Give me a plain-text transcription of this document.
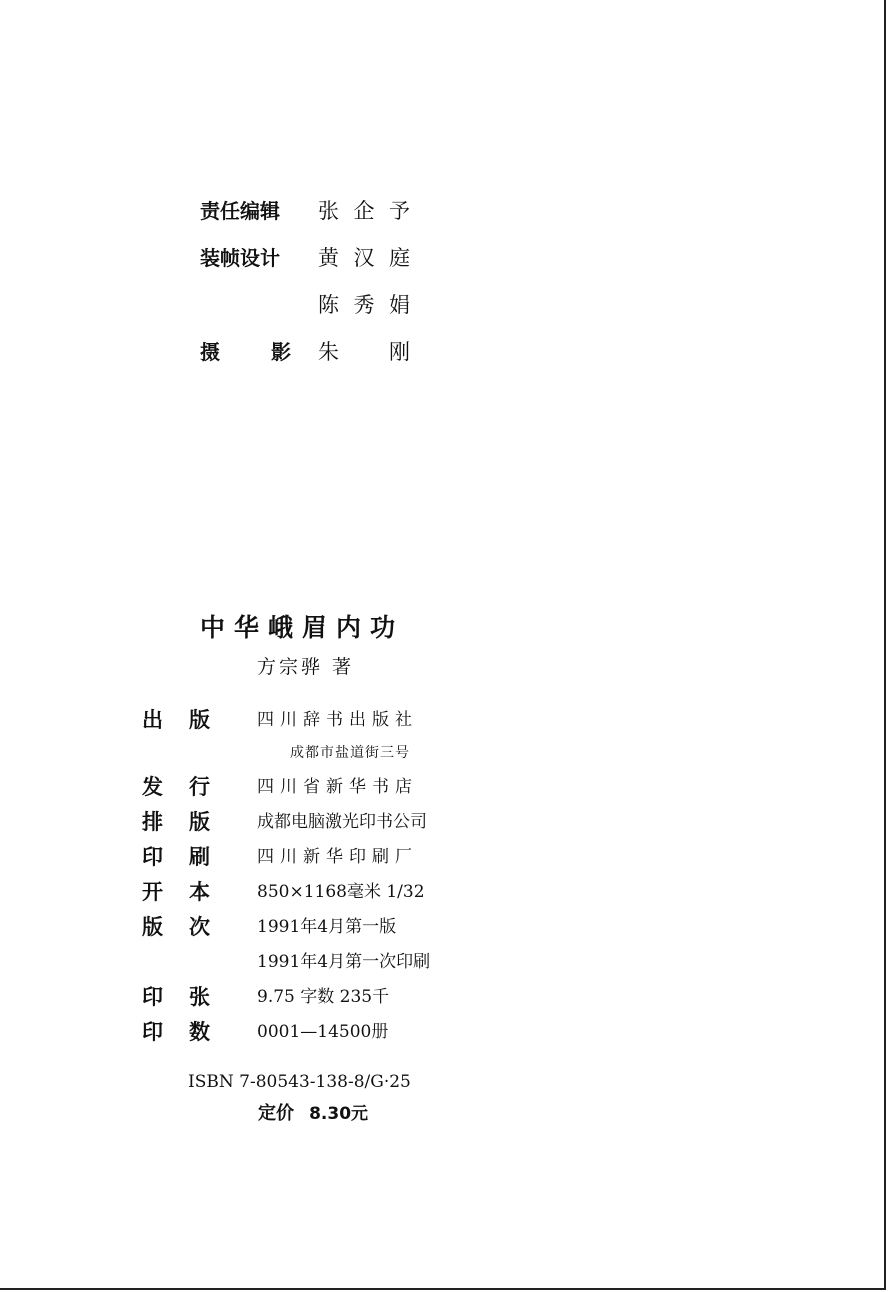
责任编辑	张企予
装帧设计	黄汉庭
陈秀娟
摄影 朱刚
中华峨眉内功
方宗骅 著
出版	四川辞书出版社
成都市盐道街三号
发行	四川省新华书店
排版	成都电脑激光印书公司
印刷	四川新华印刷厂
开本	850×1168毫米 1/32
版次	1991年4月第一版
1991年4月第一次印刷
印张	9.75 字数 235千
印数	0001—14500册
ISBN 7-80543-138-8/G·25
定价 8.30元
